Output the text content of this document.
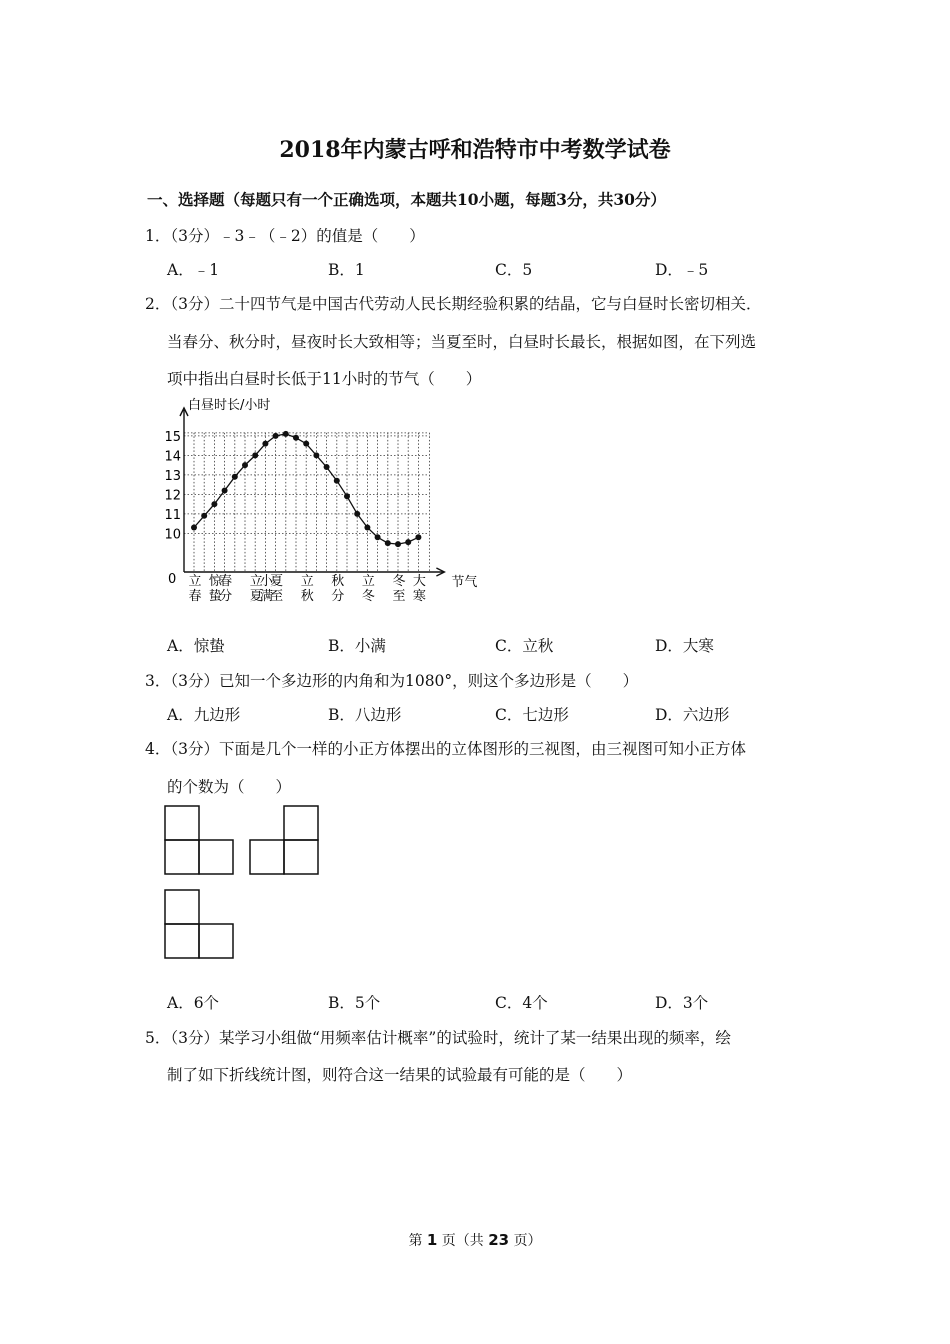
2018年内蒙古呼和浩特市中考数学试卷
一、选择题（每题只有一个正确选项，本题共10小题，每题3分，共30分）
1．（3分）﹣3﹣（﹣2）的值是（　　）
A．﹣1	B．1	C．5	D．﹣5
2．（3分）二十四节气是中国古代劳动人民长期经验积累的结晶，它与白昼时长密切相关．
当春分、秋分时，昼夜时长大致相等；当夏至时，白昼时长最长，根据如图，在下列选
项中指出白昼时长低于11小时的节气（　　）
白昼时长/小时
节气
0
15
14
13
12
11
10
立
春
惊
蛰
春
分
立
夏
小
满
夏
至
立
秋
秋
分
立
冬
冬
至
大
寒
A．惊蛰	B．小满	C．立秋	D．大寒
3．（3分）已知一个多边形的内角和为1080°，则这个多边形是（　　）
A．九边形	B．八边形	C．七边形	D．六边形
4．（3分）下面是几个一样的小正方体摆出的立体图形的三视图，由三视图可知小正方体
的个数为（　　）
A．6个	B．5个	C．4个	D．3个
5．（3分）某学习小组做“用频率估计概率”的试验时，统计了某一结果出现的频率，绘
制了如下折线统计图，则符合这一结果的试验最有可能的是（　　）
第 1 页（共 23 页）
